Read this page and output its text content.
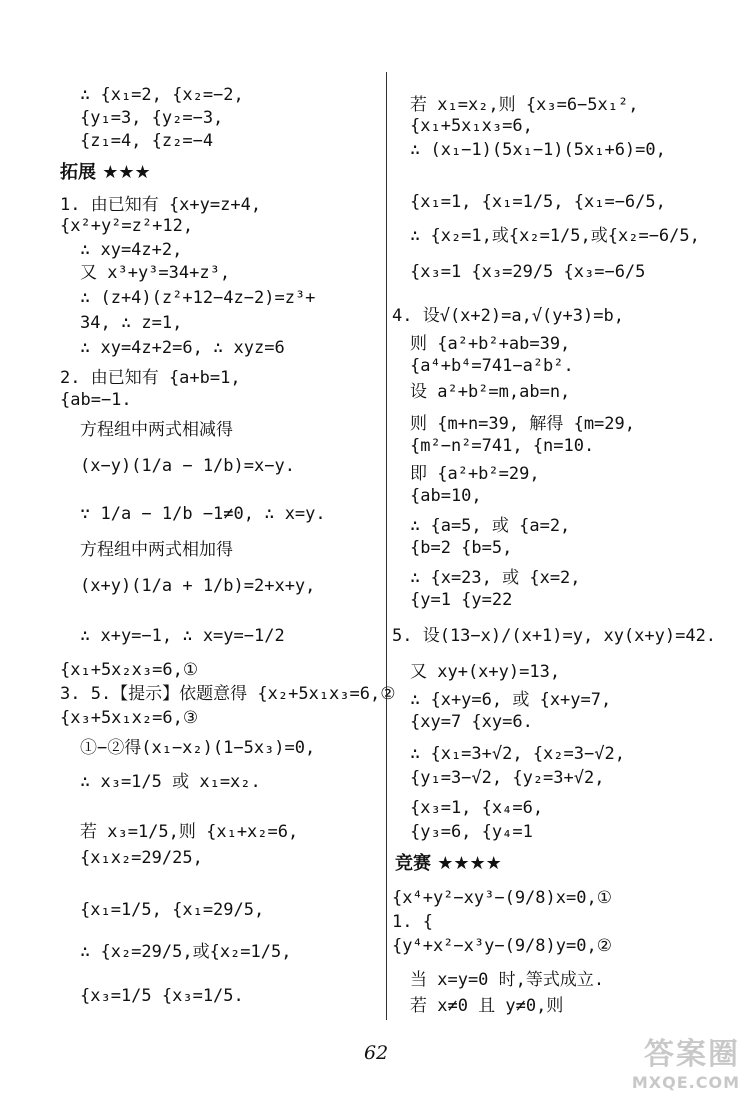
∴ {x₁=2, {x₂=−2,
{y₁=3, {y₂=−3,
{z₁=4, {z₂=−4
拓展 ★★★
1. 由已知有 {x+y=z+4,
{x²+y²=z²+12,
∴ xy=4z+2,
又 x³+y³=34+z³,
∴ (z+4)(z²+12−4z−2)=z³+
34, ∴ z=1,
∴ xy=4z+2=6, ∴ xyz=6
2. 由已知有 {a+b=1,
{ab=−1.
方程组中两式相减得
(x−y)(1/a − 1/b)=x−y.
∵ 1/a − 1/b −1≠0, ∴ x=y.
方程组中两式相加得
(x+y)(1/a + 1/b)=2+x+y,
∴ x+y=−1, ∴ x=y=−1/2
{x₁+5x₂x₃=6,①
3. 5.【提示】依题意得 {x₂+5x₁x₃=6,②
{x₃+5x₁x₂=6,③
①−②得(x₁−x₂)(1−5x₃)=0,
∴ x₃=1/5 或 x₁=x₂.
若 x₃=1/5,则 {x₁+x₂=6,
{x₁x₂=29/25,
{x₁=1/5, {x₁=29/5,
∴ {x₂=29/5,或{x₂=1/5,
{x₃=1/5 {x₃=1/5.
若 x₁=x₂,则 {x₃=6−5x₁²,
{x₁+5x₁x₃=6,
∴ (x₁−1)(5x₁−1)(5x₁+6)=0,
{x₁=1, {x₁=1/5, {x₁=−6/5,
∴ {x₂=1,或{x₂=1/5,或{x₂=−6/5,
{x₃=1 {x₃=29/5 {x₃=−6/5
4. 设√(x+2)=a,√(y+3)=b,
则 {a²+b²+ab=39,
{a⁴+b⁴=741−a²b².
设 a²+b²=m,ab=n,
则 {m+n=39, 解得 {m=29,
{m²−n²=741, {n=10.
即 {a²+b²=29,
{ab=10,
∴ {a=5, 或 {a=2,
{b=2 {b=5,
∴ {x=23, 或 {x=2,
{y=1 {y=22
5. 设(13−x)/(x+1)=y, xy(x+y)=42.
又 xy+(x+y)=13,
∴ {x+y=6, 或 {x+y=7,
{xy=7 {xy=6.
∴ {x₁=3+√2, {x₂=3−√2,
{y₁=3−√2, {y₂=3+√2,
{x₃=1, {x₄=6,
{y₃=6, {y₄=1
竞赛 ★★★★
{x⁴+y²−xy³−(9/8)x=0,①
1. {
{y⁴+x²−x³y−(9/8)y=0,②
当 x=y=0 时,等式成立.
若 x≠0 且 y≠0,则
62	答案圈
MXQE.COM
